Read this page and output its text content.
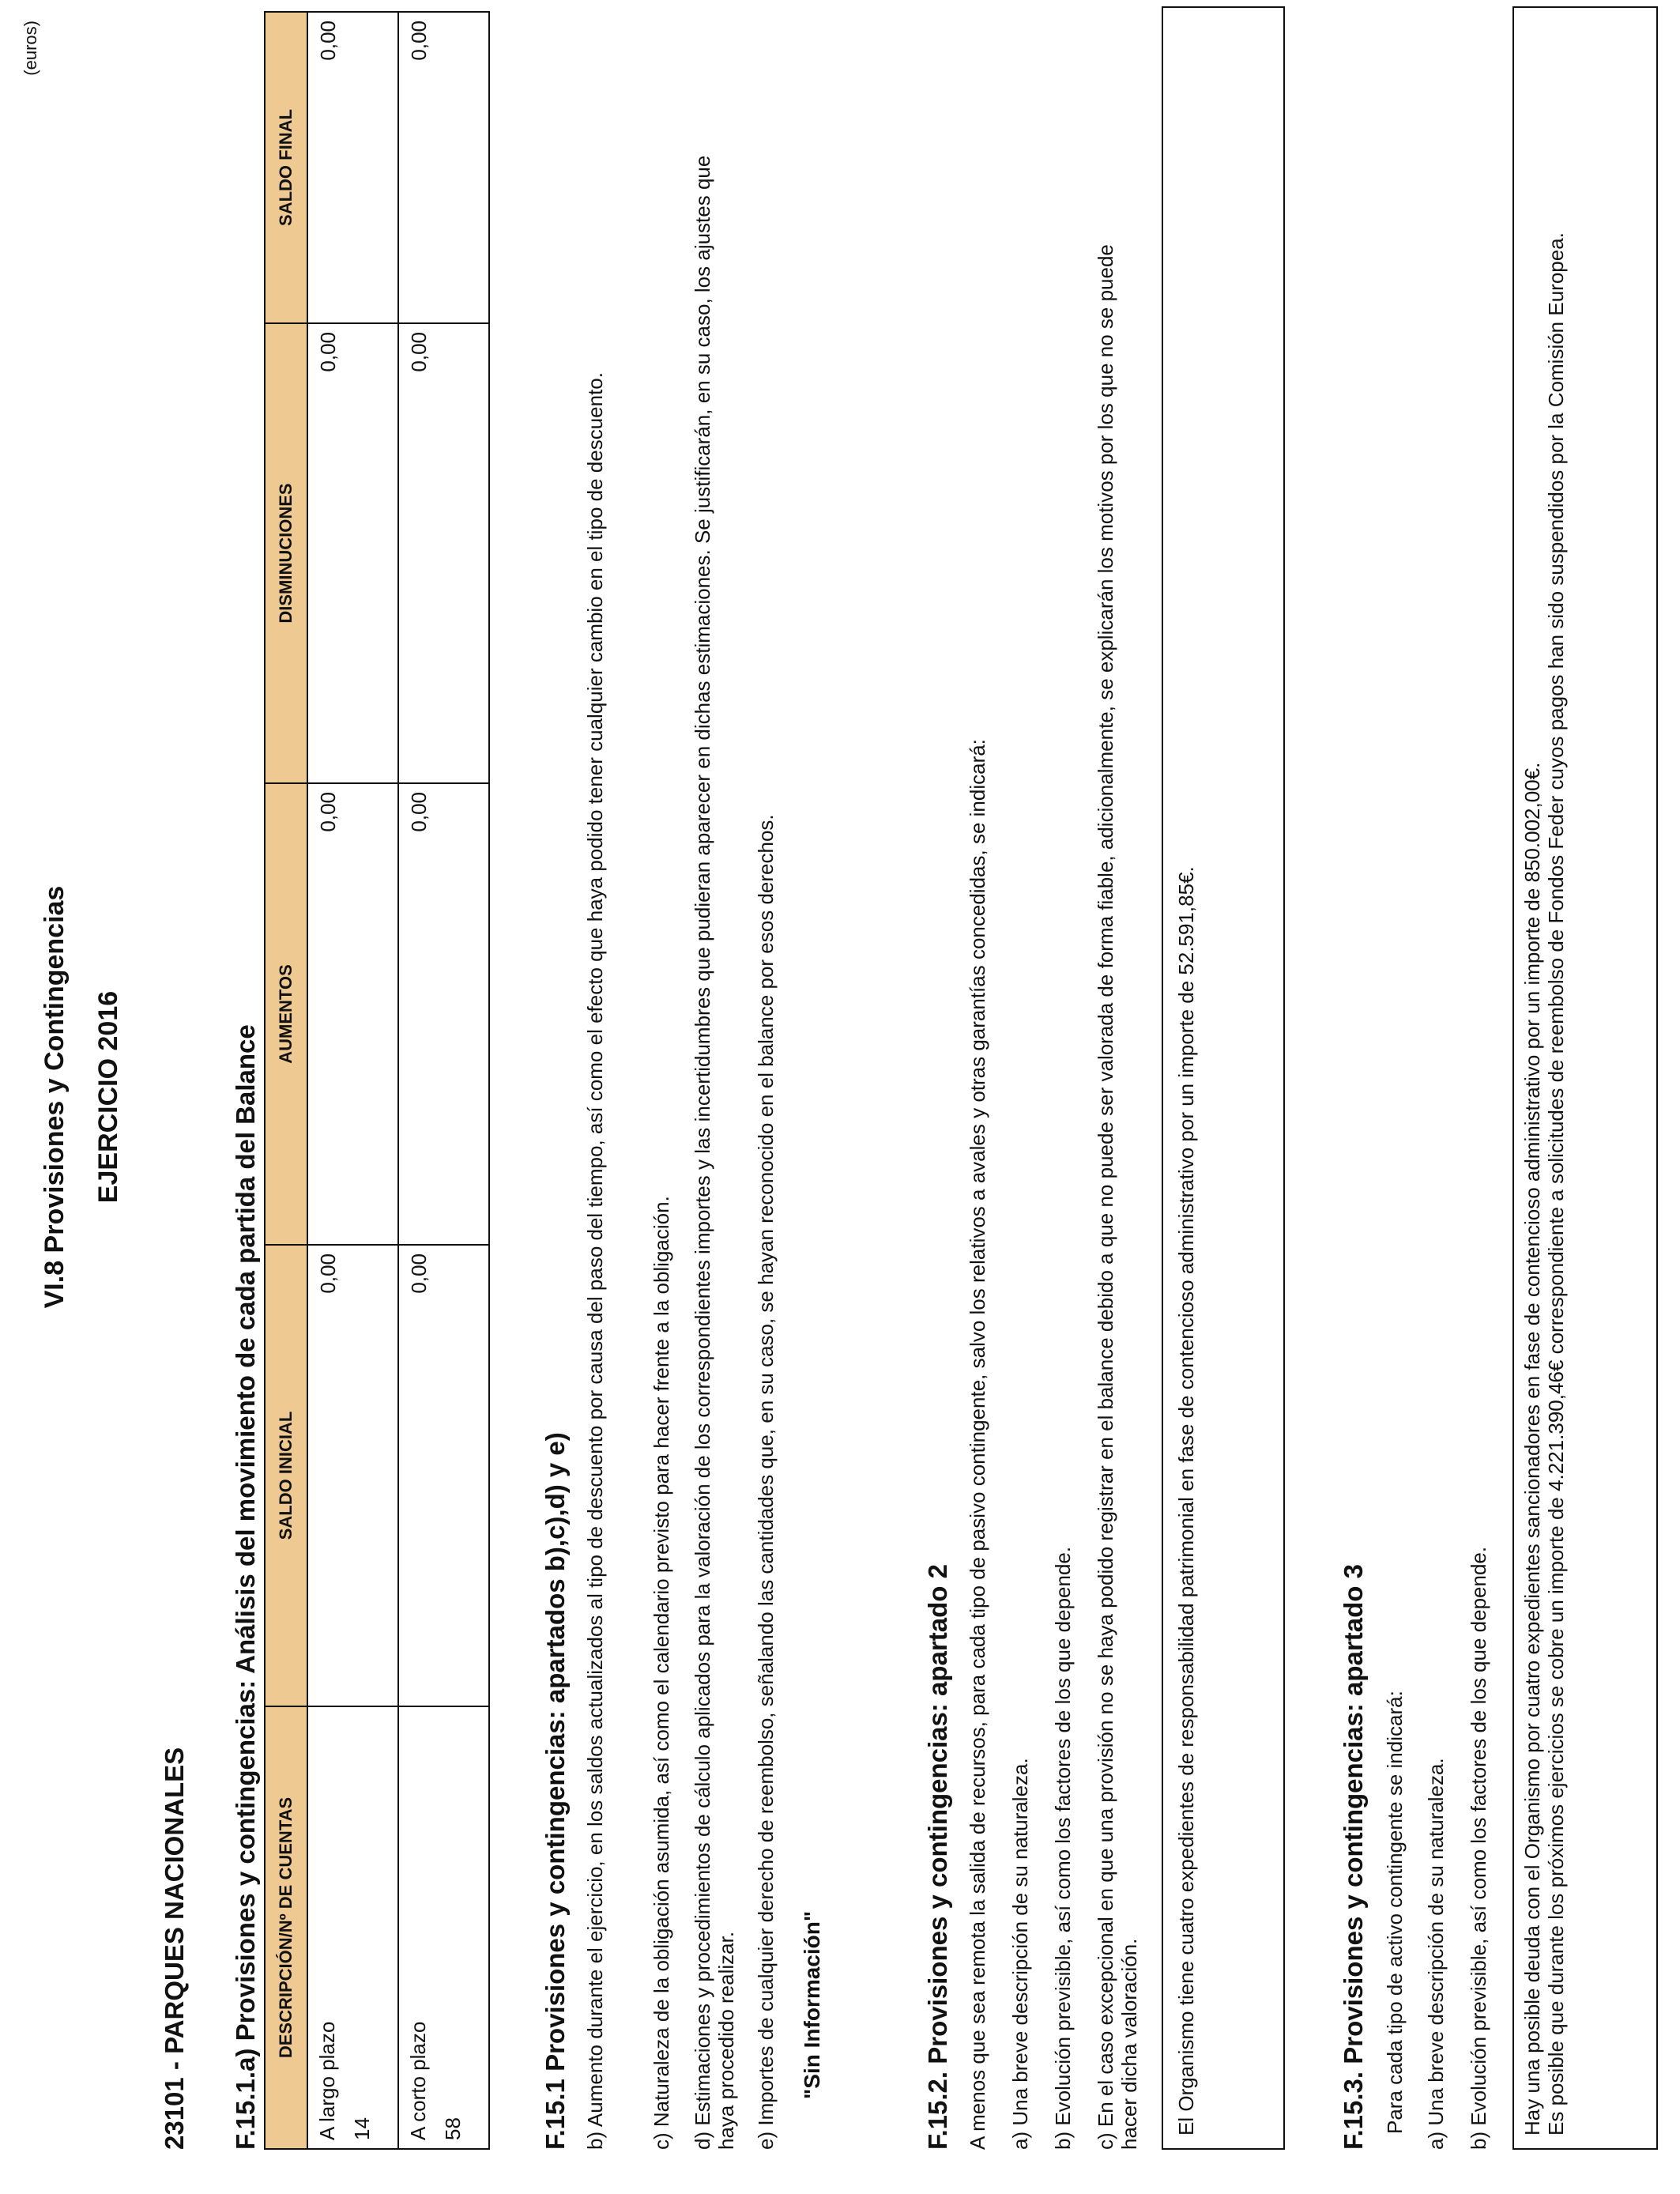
VI.8 Provisiones y Contingencias EJERCICIO 2016
(euros)
23101 - PARQUES NACIONALES F.15.1.a) Provisiones y contingencias: Análisis del movimiento de cada partida del Balance DESCRIPCIÓN/Nº DE CUENTAS	SALDO INICIAL	AUMENTOS	DISMINUCIONES	SALDO FINAL

A largo plazo 14	0,00	0,00	0,00	0,00

A corto plazo 58	0,00	0,00	0,00	0,00
F.15.1 Provisiones y contingencias: apartados b),c),d) y e) b) Aumento durante el ejercicio, en los saldos actualizados al tipo de descuento por causa del paso del tiempo, así como el efecto que haya podido tener cualquier cambio en el tipo de descuento. c) Naturaleza de la obligación asumida, así como el calendario previsto para hacer frente a la obligación. d) Estimaciones y procedimientos de cálculo aplicados para la valoración de los correspondientes importes y las incertidumbres que pudieran aparecer en dichas estimaciones. Se justificarán, en su caso, los ajustes que haya procedido realizar. e) Importes de cualquier derecho de reembolso, señalando las cantidades que, en su caso, se hayan reconocido en el balance por esos derechos. "Sin Información"	F.15.2. Provisiones y contingencias: apartado 2 A menos que sea remota la salida de recursos, para cada tipo de pasivo contingente, salvo los relativos a avales y otras garantías concedidas, se indicará: a) Una breve descripción de su naturaleza. b) Evolución previsible, así como los factores de los que depende. c) En el caso excepcional en que una provisión no se haya podido registrar en el balance debido a que no puede ser valorada de forma fiable, adicionalmente, se explicarán los motivos por los que no se puede hacer dicha valoración.	El Organismo tiene cuatro expedientes de responsabilidad patrimonial en fase de contencioso administrativo por un importe de 52.591,85€.	F.15.3. Provisiones y contingencias: apartado 3 Para cada tipo de activo contingente se indicará: a) Una breve descripción de su naturaleza. b) Evolución previsible, así como los factores de los que depende. Hay una posible deuda con el Organismo por cuatro expedientes sancionadores en fase de contencioso administrativo por un importe de 850.002,00€. Es posible que durante los próximos ejercicios se cobre un importe de 4.221.390,46€ correspondiente a solicitudes de reembolso de Fondos Feder cuyos pagos han sido suspendidos por la Comisión Europea.
